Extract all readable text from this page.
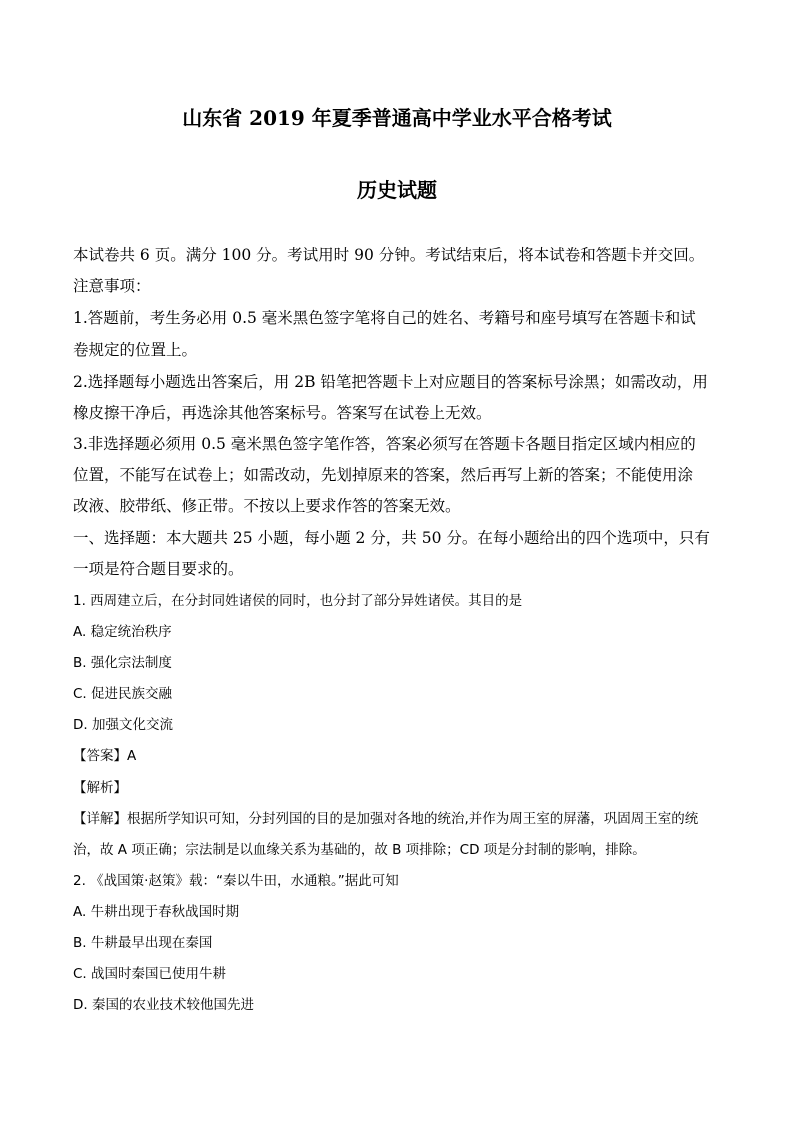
山东省 2019 年夏季普通高中学业水平合格考试
历史试题
本试卷共 6 页。满分 100 分。考试用时 90 分钟。考试结束后，将本试卷和答题卡并交回。
注意事项：
1.答题前，考生务必用 0.5 毫米黑色签字笔将自己的姓名、考籍号和座号填写在答题卡和试
卷规定的位置上。
2.选择题每小题选出答案后，用 2B 铅笔把答题卡上对应题目的答案标号涂黑；如需改动，用
橡皮擦干净后，再选涂其他答案标号。答案写在试卷上无效。
3.非选择题必须用 0.5 毫米黑色签字笔作答，答案必须写在答题卡各题目指定区域内相应的
位置，不能写在试卷上；如需改动，先划掉原来的答案，然后再写上新的答案；不能使用涂
改液、胶带纸、修正带。不按以上要求作答的答案无效。
一、选择题：本大题共 25 小题，每小题 2 分，共 50 分。在每小题给出的四个选项中，只有
一项是符合题目要求的。
1. 西周建立后，在分封同姓诸侯的同时，也分封了部分异姓诸侯。其目的是
A. 稳定统治秩序
B. 强化宗法制度
C. 促进民族交融
D. 加强文化交流
【答案】A
【解析】
【详解】根据所学知识可知，分封列国的目的是加强对各地的统治,并作为周王室的屏藩，巩固周王室的统
治，故 A 项正确；宗法制是以血缘关系为基础的，故 B 项排除；CD 项是分封制的影响，排除。
2. 《战国策·赵策》载：“秦以牛田，水通粮。”据此可知
A. 牛耕出现于春秋战国时期
B. 牛耕最早出现在秦国
C. 战国时秦国已使用牛耕
D. 秦国的农业技术较他国先进
